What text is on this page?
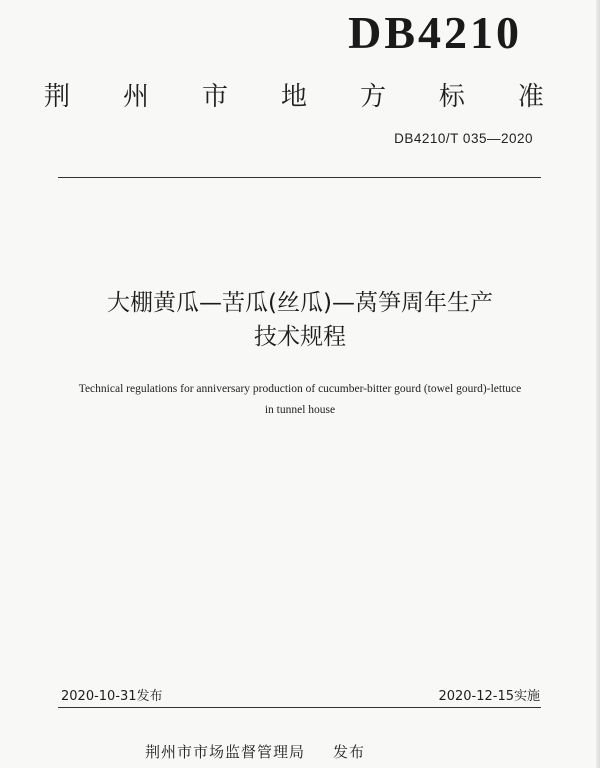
DB4210
荆 州 市 地 方 标 准
DB4210/T 035—2020
大棚黄瓜—苦瓜(丝瓜)—莴笋周年生产
技术规程
Technical regulations for anniversary production of cucumber-bitter gourd (towel gourd)-lettuce
in tunnel house
2020-10-31发布	2020-12-15实施
荆州市市场监督管理局 发布
